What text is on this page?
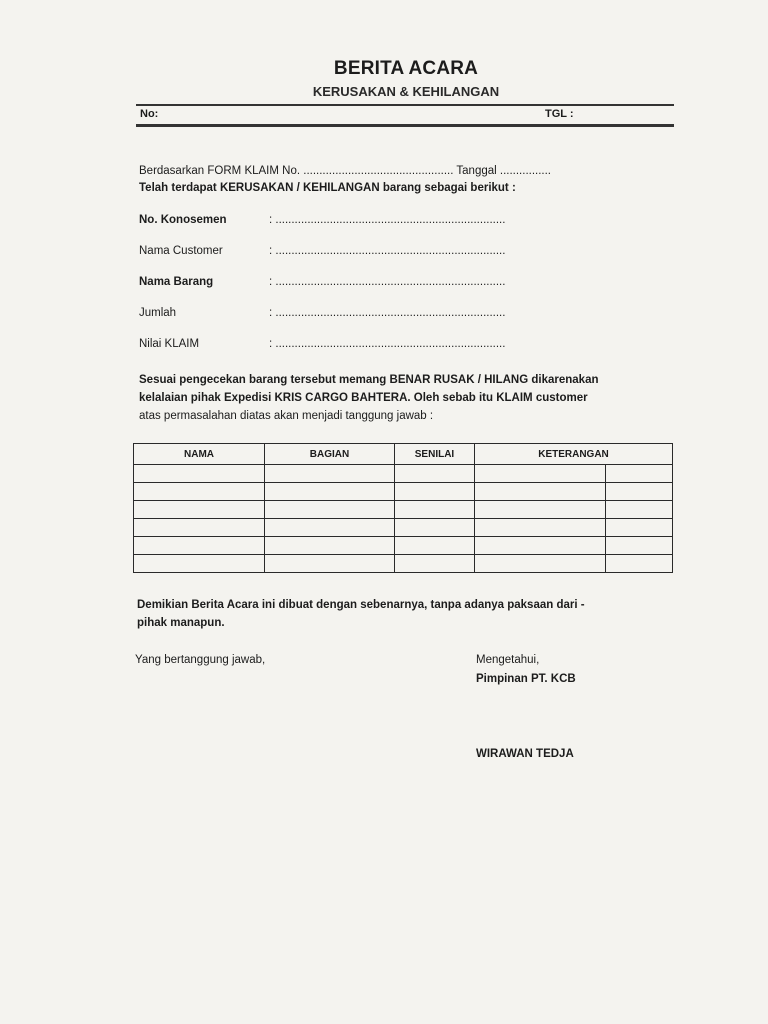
BERITA ACARA
KERUSAKAN & KEHILANGAN
No:	TGL :
Berdasarkan FORM KLAIM No. ............................................... Tanggal ................
Telah terdapat KERUSAKAN / KEHILANGAN barang sebagai berikut :
No. Konosemen	: ........................................................................
Nama Customer	: ........................................................................
Nama Barang	: ........................................................................
Jumlah	: ........................................................................
Nilai KLAIM	: ........................................................................
Sesuai pengecekan barang tersebut memang BENAR RUSAK / HILANG dikarenakan
kelalaian pihak Expedisi KRIS CARGO BAHTERA. Oleh sebab itu KLAIM customer
atas permasalahan diatas akan menjadi tanggung jawab :
NAMA	BAGIAN	SENILAI	KETERANGAN	

Demikian Berita Acara ini dibuat dengan sebenarnya, tanpa adanya paksaan dari -
pihak manapun.
Yang bertanggung jawab,	Mengetahui,
Pimpinan PT. KCB
WIRAWAN TEDJA
